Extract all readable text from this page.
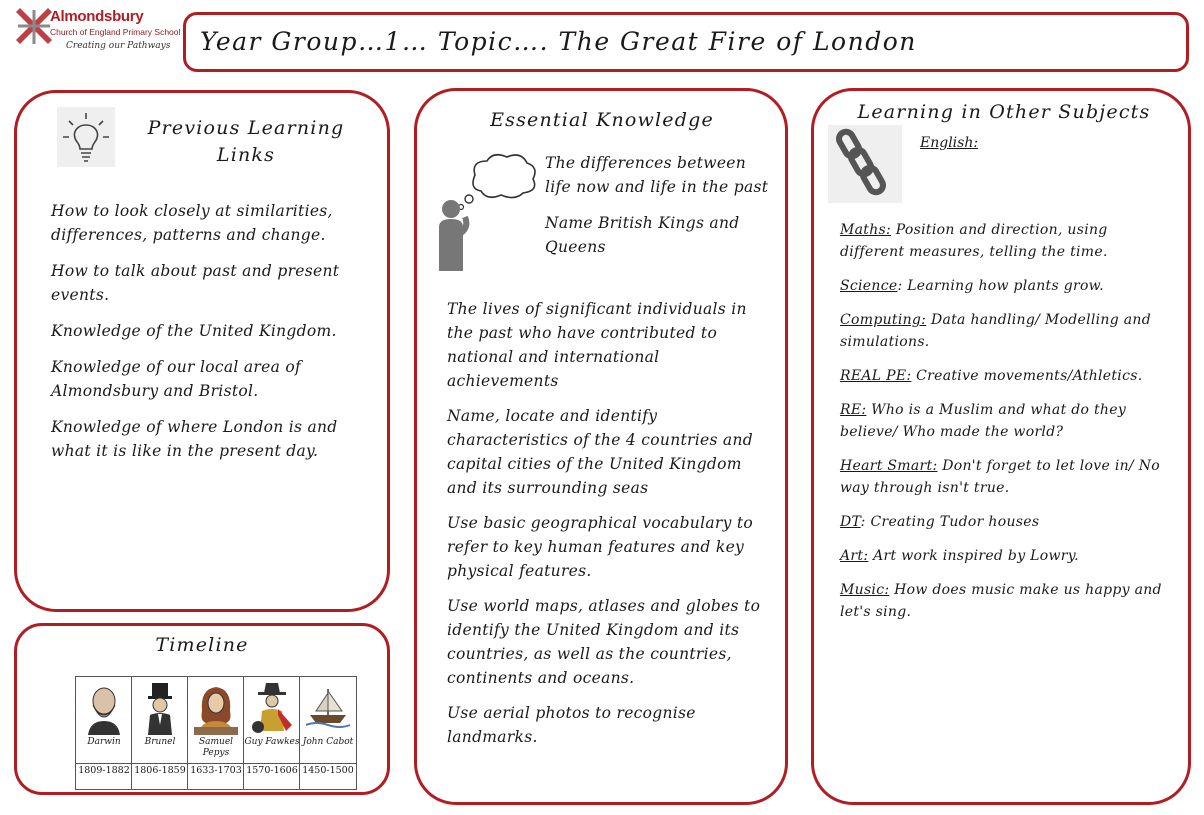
Almondsbury
Church of England Primary School
Creating our Pathways Year Group…1… Topic…. The Great Fire of London
Previous Learning Links

How to look closely at similarities, differences, patterns and change.

How to talk about past and present events.

Knowledge of the United Kingdom.

Knowledge of our local area of Almondsbury and Bristol.

Knowledge of where London is and what it is like in the present day.

Timeline
Darwin
1809-1882
Brunel
1806-1859
Samuel Pepys
1633-1703
Guy Fawkes
1570-1606
John Cabot
1450-1500
Essential Knowledge

The differences between life now and life in the past

Name British Kings and Queens

The lives of significant individuals in the past who have contributed to national and international achievements

Name, locate and identify characteristics of the 4 countries and capital cities of the United Kingdom and its surrounding seas

Use basic geographical vocabulary to refer to key human features and key physical features.

Use world maps, atlases and globes to identify the United Kingdom and its countries, as well as the countries, continents and oceans.

Use aerial photos to recognise landmarks.

Learning in Other Subjects
English:

Maths: Position and direction, using different measures, telling the time.

Science: Learning how plants grow.

Computing: Data handling/ Modelling and simulations.

REAL PE: Creative movements/Athletics.

RE: Who is a Muslim and what do they believe/ Who made the world?

Heart Smart: Don't forget to let love in/ No way through isn't true.

DT: Creating Tudor houses

Art: Art work inspired by Lowry.

Music: How does music make us happy and let's sing.
